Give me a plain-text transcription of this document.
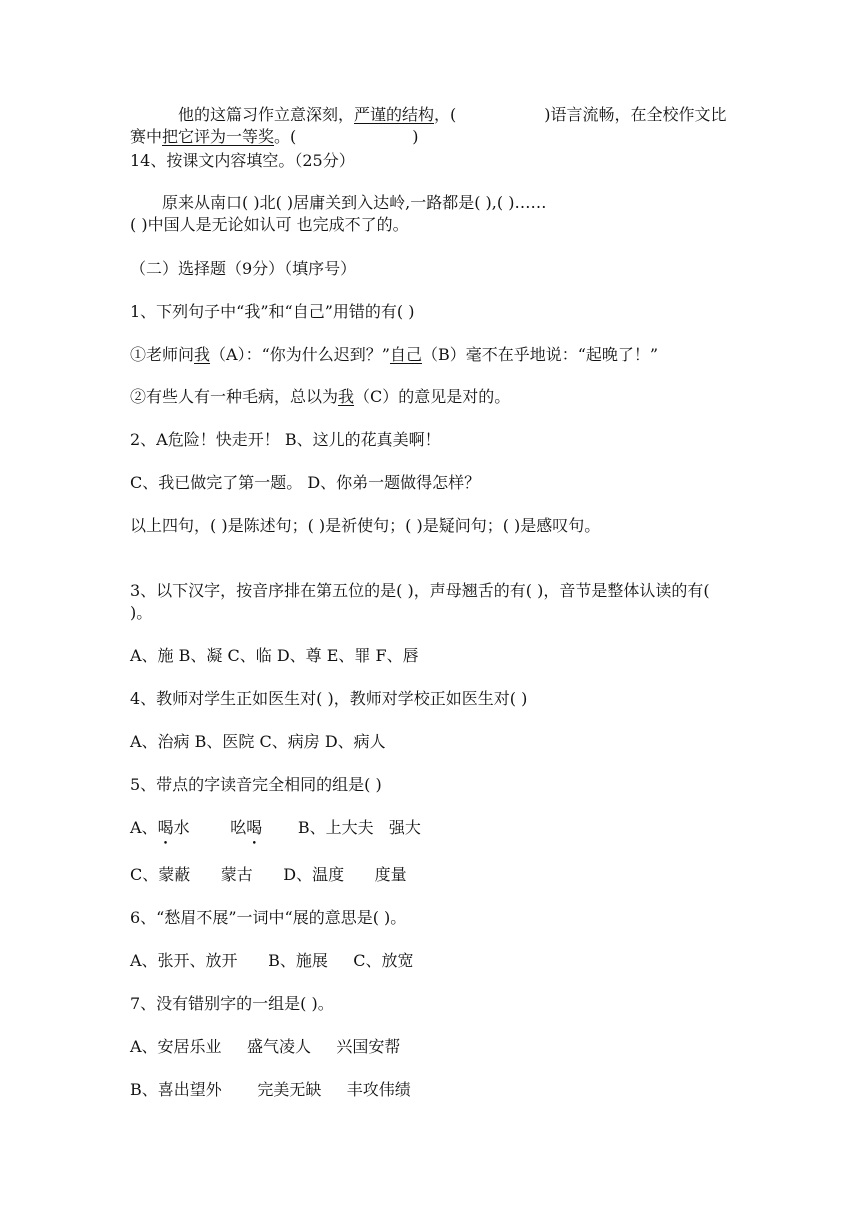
他的这篇习作立意深刻，严谨的结构，(	)语言流畅，在全校作文比赛中把它评为一等奖。(	)
14、按课文内容填空。（25分）
原来从南口( )北( )居庸关到入达岭,一路都是( ),( )……
( )中国人是无论如认可 也完成不了的。
（二）选择题（9分）（填序号）
1、下列句子中“我”和“自己”用错的有( )
①老师问我（A）：“你为什么迟到？”自己（B）毫不在乎地说：“起晚了！”
②有些人有一种毛病，总以为我（C）的意见是对的。
2、A危险！快走开！ B、这儿的花真美啊！
C、我已做完了第一题。 D、你弟一题做得怎样？
以上四句，( )是陈述句；( )是祈使句；( )是疑问句；( )是感叹句。
3、以下汉字，按音序排在第五位的是( )，声母翘舌的有( )，音节是整体认读的有( )。
A、施 B、凝 C、临 D、尊 E、罪 F、唇
4、教师对学生正如医生对( )，教师对学校正如医生对( )
A、治病 B、医院 C、病房 D、病人
5、带点的字读音完全相同的组是( )
A、喝水        吆喝       B、上大夫   强大
C、蒙蔽      蒙古      D、温度      度量
6、“愁眉不展”一词中“展的意思是( )。
A、张开、放开      B、施展     C、放宽
7、没有错别字的一组是( )。
A、安居乐业     盛气凌人     兴国安帮
B、喜出望外       完美无缺     丰攻伟绩
